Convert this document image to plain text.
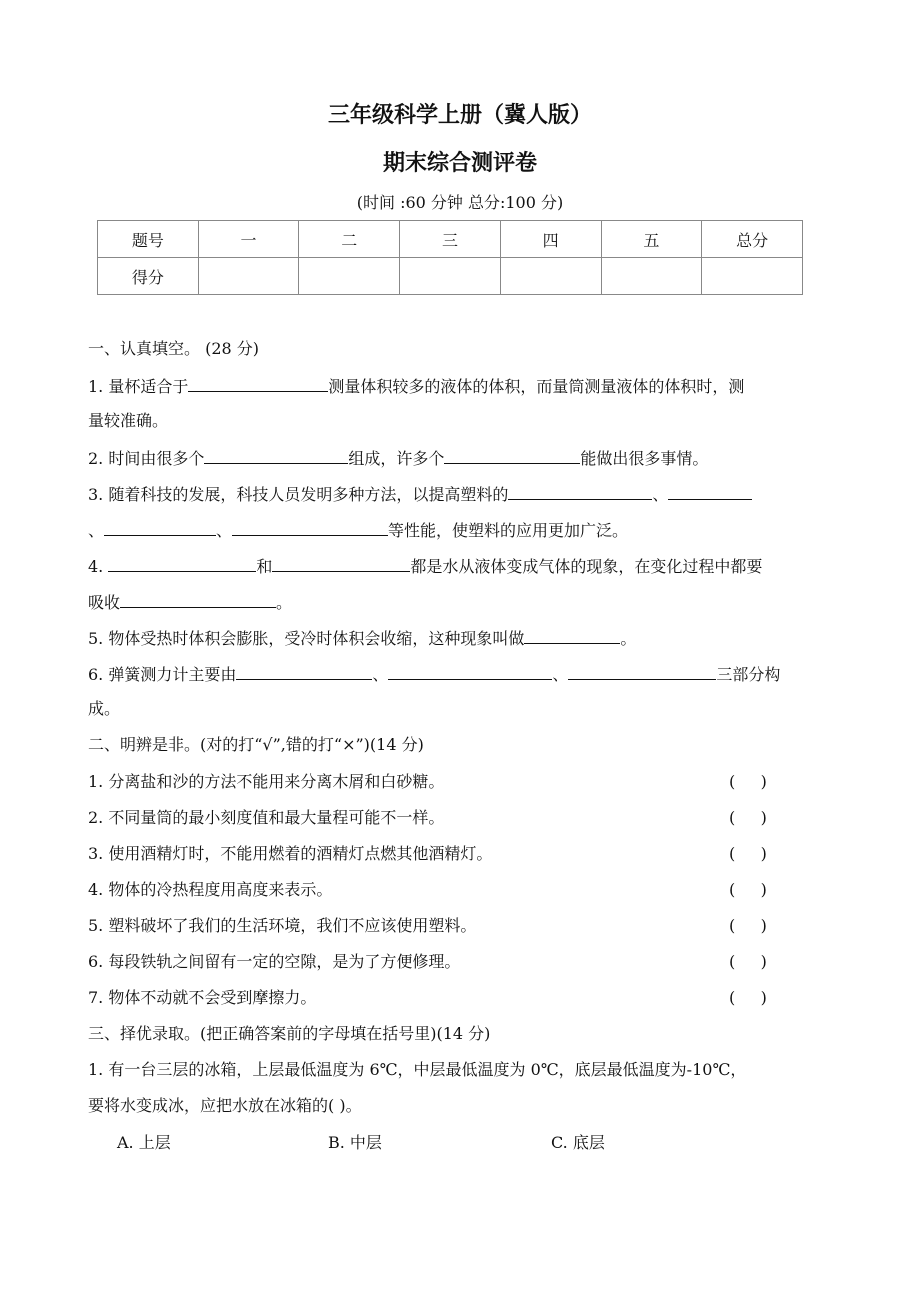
三年级科学上册（冀人版）
期末综合测评卷
(时间 :60 分钟 总分:100 分)
题号	一	二	三	四	五	总分
得分						
一、认真填空。 (28 分)
1. 量杯适合于	测量体积较多的液体的体积，而量筒测量液体的体积时，测
量较准确。
2. 时间由很多个	组成，许多个	能做出很多事情。
3. 随着科技的发展，科技人员发明多种方法，以提高塑料的	、
、	、	等性能，使塑料的应用更加广泛。
4.	和	都是水从液体变成气体的现象，在变化过程中都要
吸收	。
5. 物体受热时体积会膨胀，受冷时体积会收缩，这种现象叫做	。
6. 弹簧测力计主要由	、	、	三部分构
成。
二、明辨是非。(对的打“√”,错的打“×”)(14 分)
1. 分离盐和沙的方法不能用来分离木屑和白砂糖。	(     )
2. 不同量筒的最小刻度值和最大量程可能不一样。	(     )
3. 使用酒精灯时，不能用燃着的酒精灯点燃其他酒精灯。	(     )
4. 物体的冷热程度用高度来表示。	(     )
5. 塑料破坏了我们的生活环境，我们不应该使用塑料。	(     )
6. 每段铁轨之间留有一定的空隙，是为了方便修理。	(     )
7. 物体不动就不会受到摩擦力。	(     )
三、择优录取。(把正确答案前的字母填在括号里)(14 分)
1. 有一台三层的冰箱，上层最低温度为 6℃，中层最低温度为 0℃，底层最低温度为-10℃，
要将水变成冰，应把水放在冰箱的( )。
A. 上层	B. 中层	C. 底层
